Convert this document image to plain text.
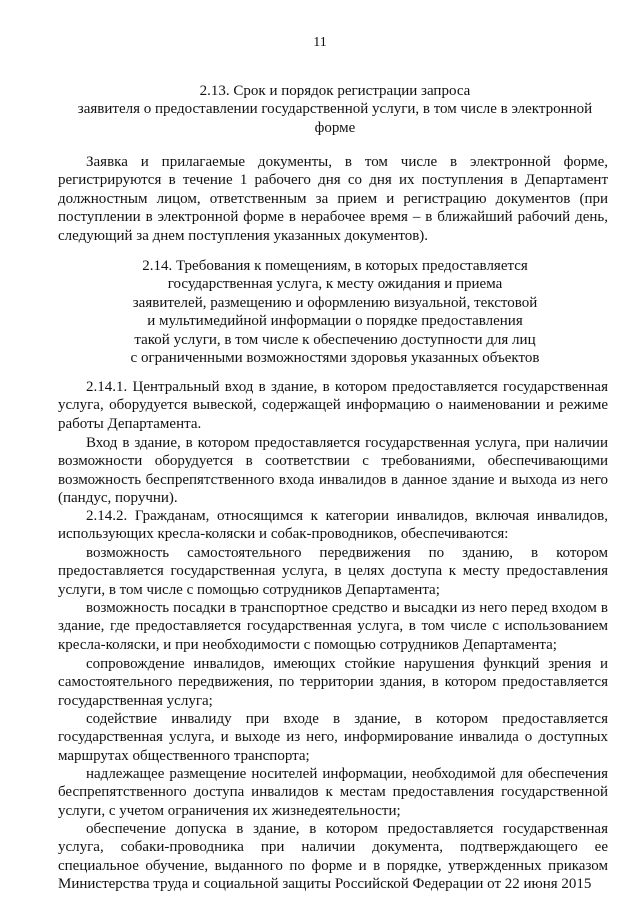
11
2.13. Срок и порядок регистрации запроса
заявителя о предоставлении государственной услуги, в том числе в электронной
форме
Заявка и прилагаемые документы, в том числе в электронной форме, регистрируются в течение 1 рабочего дня со дня их поступления в Департамент должностным лицом, ответственным за прием и регистрацию документов (при поступлении в электронной форме в нерабочее время – в ближайший рабочий день, следующий за днем поступления указанных документов).
2.14. Требования к помещениям, в которых предоставляется
государственная услуга, к месту ожидания и приема
заявителей, размещению и оформлению визуальной, текстовой
и мультимедийной информации о порядке предоставления
такой услуги, в том числе к обеспечению доступности для лиц
с ограниченными возможностями здоровья указанных объектов
2.14.1. Центральный вход в здание, в котором предоставляется государственная услуга, оборудуется вывеской, содержащей информацию о наименовании и режиме работы Департамента.
Вход в здание, в котором предоставляется государственная услуга, при наличии возможности оборудуется в соответствии с требованиями, обеспечивающими возможность беспрепятственного входа инвалидов в данное здание и выхода из него (пандус, поручни).
2.14.2. Гражданам, относящимся к категории инвалидов, включая инвалидов, использующих кресла-коляски и собак-проводников, обеспечиваются:
возможность самостоятельного передвижения по зданию, в котором предоставляется государственная услуга, в целях доступа к месту предоставления услуги, в том числе с помощью сотрудников Департамента;
возможность посадки в транспортное средство и высадки из него перед входом в здание, где предоставляется государственная услуга, в том числе с использованием кресла-коляски, и при необходимости с помощью сотрудников Департамента;
сопровождение инвалидов, имеющих стойкие нарушения функций зрения и самостоятельного передвижения, по территории здания, в котором предоставляется государственная услуга;
содействие инвалиду при входе в здание, в котором предоставляется государственная услуга, и выходе из него, информирование инвалида о доступных маршрутах общественного транспорта;
надлежащее размещение носителей информации, необходимой для обеспечения беспрепятственного доступа инвалидов к местам предоставления государственной услуги, с учетом ограничения их жизнедеятельности;
обеспечение допуска в здание, в котором предоставляется государственная услуга, собаки-проводника при наличии документа, подтверждающего ее специальное обучение, выданного по форме и в порядке, утвержденных приказом Министерства труда и социальной защиты Российской Федерации от 22 июня 2015
